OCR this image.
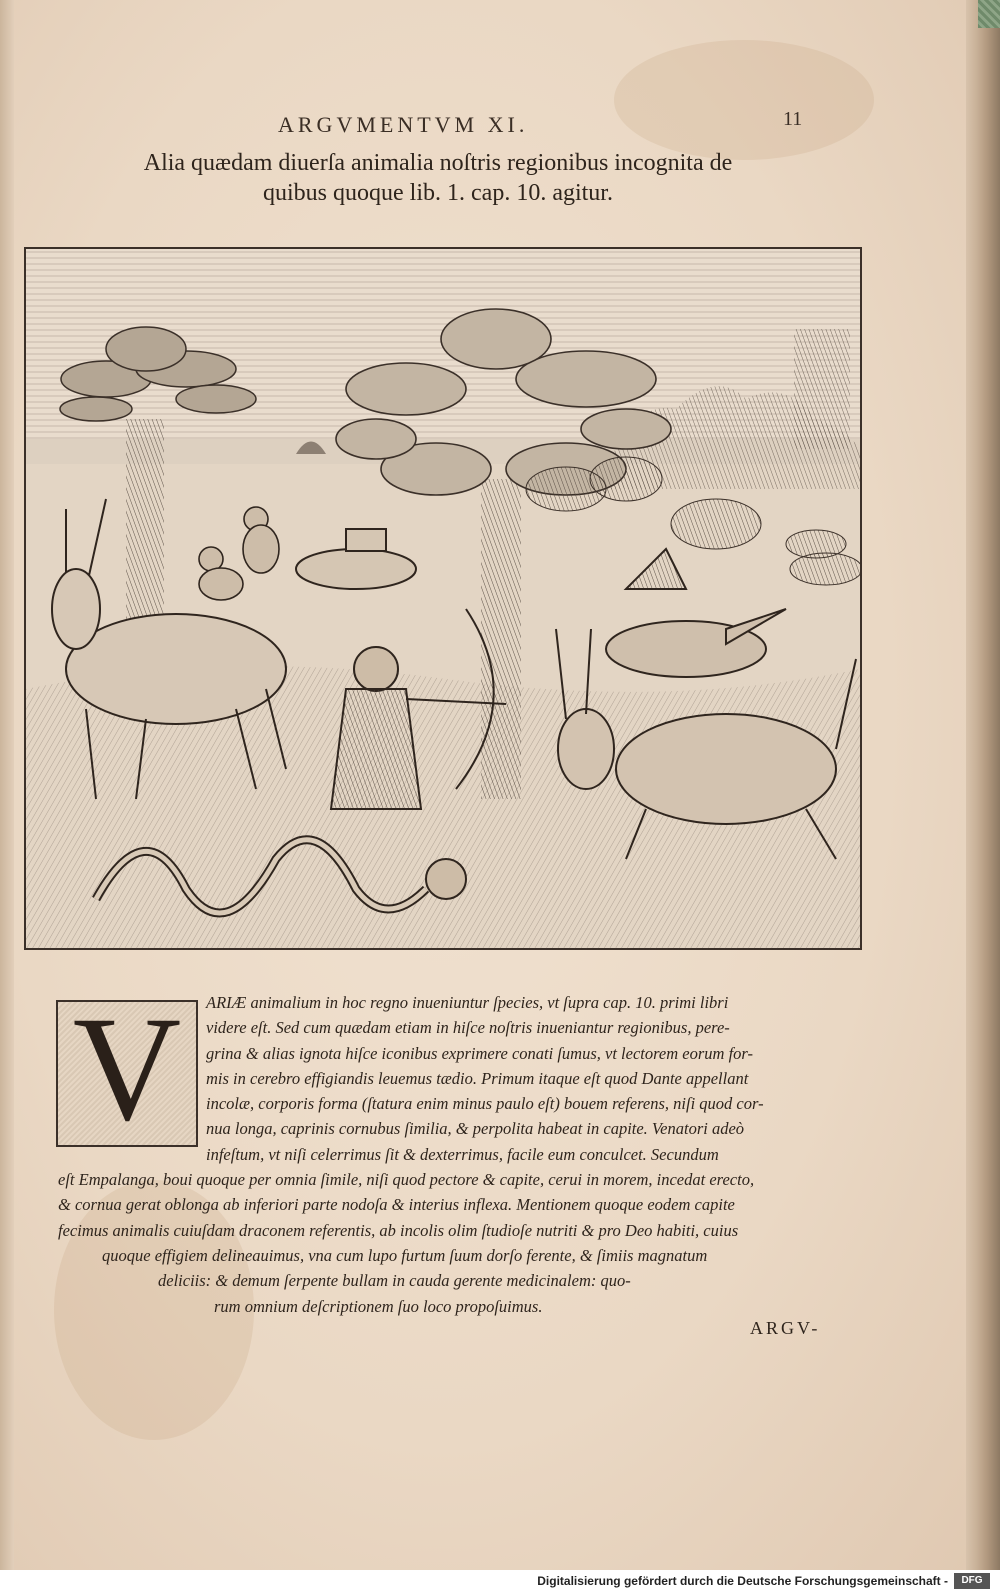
ARGVMENTVM XI.	11
Alia quædam diuerſa animalia noſtris regionibus incognita de
quibus quoque lib. 1. cap. 10. agitur.
V	ARIÆ animalium in hoc regno inueniuntur ſpecies, vt ſupra cap. 10. primi libri
videre eſt. Sed cum quædam etiam in hiſce noſtris inueniantur regionibus, pere-
grina & alias ignota hiſce iconibus exprimere conati ſumus, vt lectorem eorum for-
mis in cerebro effigiandis leuemus tædio. Primum itaque eſt quod Dante appellant
incolæ, corporis forma (ſtatura enim minus paulo eſt) bouem referens, niſi quod cor-
nua longa, caprinis cornubus ſimilia, & perpolita habeat in capite. Venatori adeò
infeſtum, vt niſi celerrimus ſit & dexterrimus, facile eum conculcet. Secundum
eſt Empalanga, boui quoque per omnia ſimile, niſi quod pectore & capite, cerui in morem, incedat erecto,
& cornua gerat oblonga ab inferiori parte nodoſa & interius inflexa. Mentionem quoque eodem capite
fecimus animalis cuiuſdam draconem referentis, ab incolis olim ſtudioſe nutriti & pro Deo habiti, cuius
quoque effigiem delineauimus, vna cum lupo furtum ſuum dorſo ferente, & ſimiis magnatum
deliciis: & demum ſerpente bullam in cauda gerente medicinalem: quo-
rum omnium deſcriptionem ſuo loco propoſuimus.
ARGV-
Digitalisierung gefördert durch die Deutsche Forschungsgemeinschaft -	DFG
